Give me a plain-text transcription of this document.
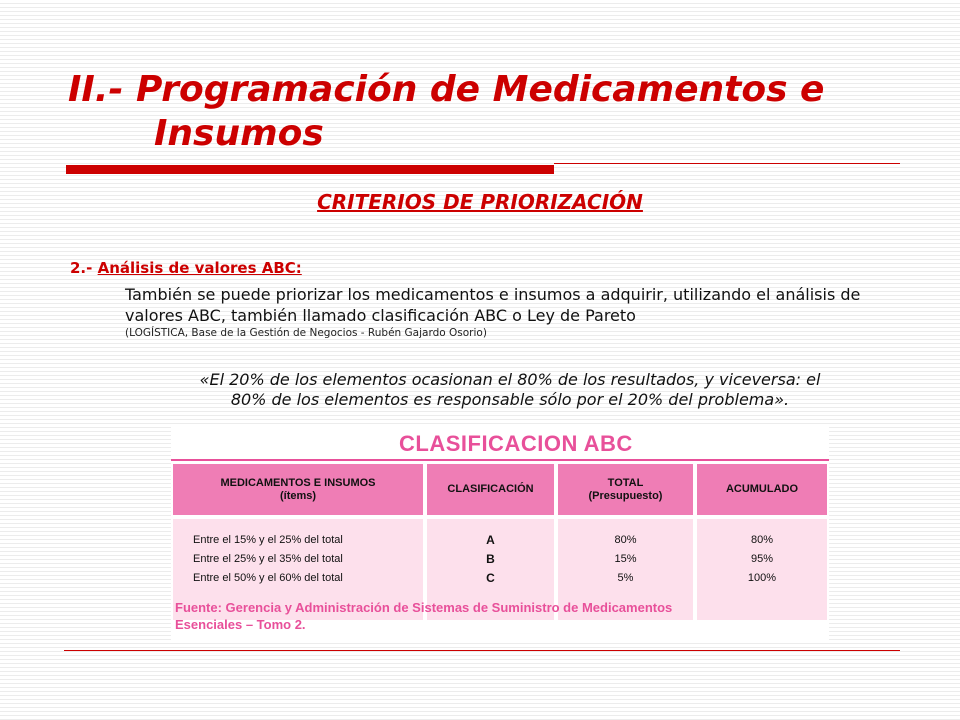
II.- Programación de Medicamentos e
Insumos
CRITERIOS DE PRIORIZACIÓN
2.- Análisis de valores ABC:
También se puede priorizar los medicamentos e insumos a adquirir, utilizando el análisis de valores ABC, también llamado clasificación ABC o Ley de Pareto
(LOGÍSTICA, Base de la Gestión de Negocios - Rubén Gajardo Osorio)
«El 20% de los elementos ocasionan el 80% de los resultados, y viceversa: el
80% de los elementos es responsable sólo por el 20% del problema».
CLASIFICACION ABC
MEDICAMENTOS E INSUMOS
(ítems)
CLASIFICACIÓN
TOTAL
(Presupuesto)
ACUMULADO
Entre el 15% y el 25% del total
Entre el 25% y el 35% del total
Entre el 50% y el 60% del total
A
B
C
80%
15%
5%
80%
95%
100%
Fuente: Gerencia y Administración de Sistemas de Suministro de Medicamentos
Esenciales – Tomo 2.
